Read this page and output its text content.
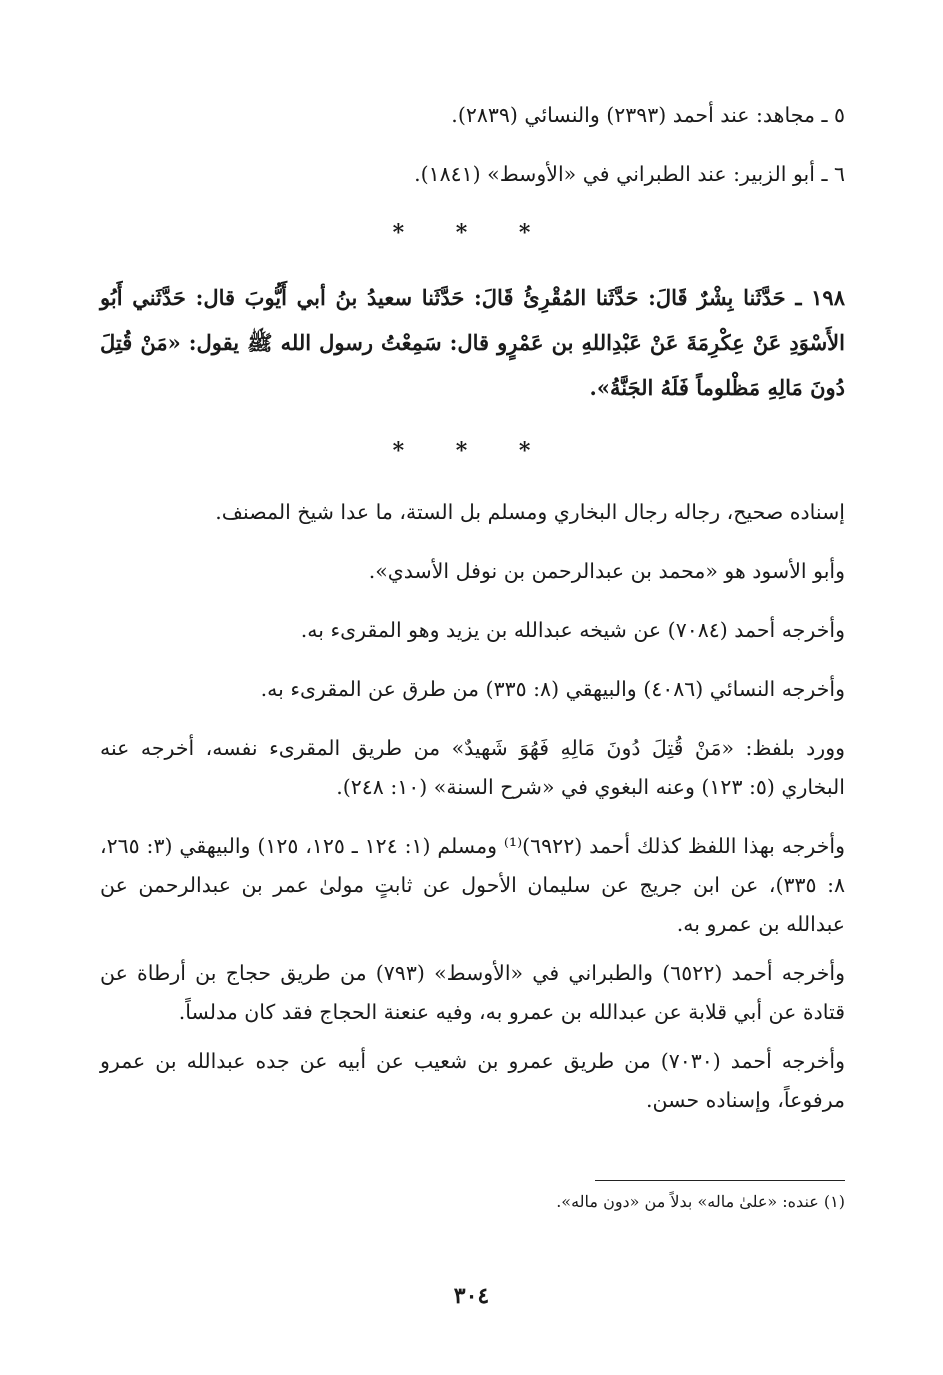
٥ ـ مجاهد: عند أحمد (٢٣٩٣) والنسائي (٢٨٣٩).
٦ ـ أبو الزبير: عند الطبراني في «الأوسط» (١٨٤١).
* * *
١٩٨ ـ حَدَّثَنا بِشْرٌ قَالَ: حَدَّثَنا المُقْرِئُ قَالَ: حَدَّثَنا سعيدُ بنُ أبي أَيُّوبَ قال: حَدَّثَني أَبُو الأَسْوَدِ عَنْ عِكْرِمَةَ عَنْ عَبْدِاللهِ بن عَمْرٍو قال: سَمِعْتُ رسول الله ﷺ يقول: «مَنْ قُتِلَ دُونَ مَالِهِ مَظْلوماً فَلَهُ الجَنَّةُ».
* * *
إسناده صحيح، رجاله رجال البخاري ومسلم بل الستة، ما عدا شيخ المصنف.
وأبو الأسود هو «محمد بن عبدالرحمن بن نوفل الأسدي».
وأخرجه أحمد (٧٠٨٤) عن شيخه عبدالله بن يزيد وهو المقرىء به.
وأخرجه النسائي (٤٠٨٦) والبيهقي (٨: ٣٣٥) من طرق عن المقرىء به.
وورد بلفظ: «مَنْ قُتِلَ دُونَ مَالِهِ فَهُوَ شَهيدٌ» من طريق المقرىء نفسه، أخرجه عنه البخاري (٥: ١٢٣) وعنه البغوي في «شرح السنة» (١٠: ٢٤٨).
وأخرجه بهذا اللفظ كذلك أحمد (٦٩٢٢)⁽¹⁾ ومسلم (١: ١٢٤ ـ ١٢٥، ١٢٥) والبيهقي (٣: ٢٦٥، ٨: ٣٣٥)، عن ابن جريج عن سليمان الأحول عن ثابتٍ مولىٰ عمر بن عبدالرحمن عن عبدالله بن عمرو به.
وأخرجه أحمد (٦٥٢٢) والطبراني في «الأوسط» (٧٩٣) من طريق حجاج بن أرطاة عن قتادة عن أبي قلابة عن عبدالله بن عمرو به، وفيه عنعنة الحجاج فقد كان مدلساً.
وأخرجه أحمد (٧٠٣٠) من طريق عمرو بن شعيب عن أبيه عن جده عبدالله بن عمرو مرفوعاً، وإسناده حسن.
(١) عنده: «علىٰ ماله» بدلاً من «دون ماله».
٣٠٤
